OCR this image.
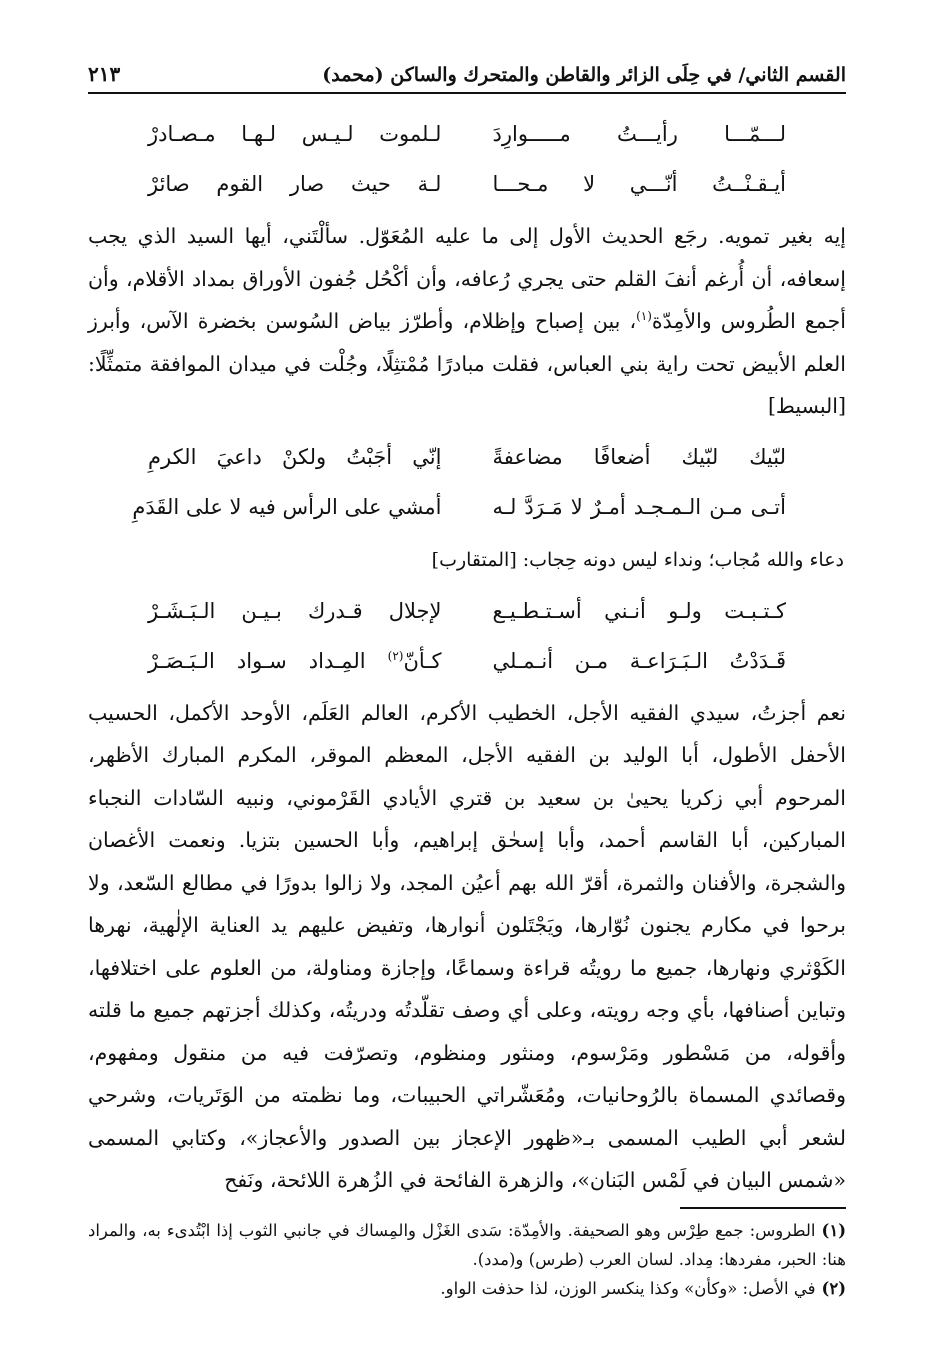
القسم الثاني/ في حِلَى الزائر والقاطن والمتحرك والساكن (محمد)
٢١٣
لـــمّـــا رأيـــتُ مـــــوارِدَ
لـلموت لـيـس لـهـا مـصـادرْ
أيـقـنْــتُ أنّـــي لا مـحـــا
لـة حيث صار القوم صائرْ

إيه بغير تمويه. رجَع الحديث الأول إلى ما عليه المُعَوّل. سألْتَني، أيها السيد الذي يجب إسعافه، أن أُرغم أنفَ القلم حتى يجري رُعافه، وأن أكْحُل جُفون الأوراق بمداد الأقلام، وأن أجمع الطُروس والأمِدّة$^{(١)}$، بين إصباح وإظلام، وأطرّز بياض السُوسن بخضرة الآس، وأبرز العلم الأبيض تحت راية بني العباس، فقلت مبادرًا مُمْتثِلًا، وجُلْت في ميدان الموافقة متمثِّلًا: [البسيط]

لبّيك لبّيك أضعافًا مضاعفةً
إنّي أجَبْتُ ولكنْ داعيَ الكرمِ
أتـى مـن الـمـجـد أمـرٌ لا مَـرَدَّ لـه
أمشي على الرأس فيه لا على القَدَمِ
دعاء والله مُجاب؛ ونداء ليس دونه حِجاب: [المتقارب]
كـتـبـت ولـو أنـني أسـتـطـيـع
لإجلال قـدرك بـيـن الـبَـشَـرْ
قَـدَدْتُ الـبَـرَاعـة مـن أنـمـلي
كـأنّ$^{(٢)}$ المِـداد سـواد الـبَـصَـرْ

نعم أجزتُ، سيدي الفقيه الأجل، الخطيب الأكرم، العالم العَلَم، الأوحد الأكمل، الحسيب الأحفل الأطول، أبا الوليد بن الفقيه الأجل، المعظم الموقر، المكرم المبارك الأظهر، المرحوم أبي زكريا يحيىٰ بن سعيد بن قتري الأيادي القَرْموني، ونبيه السّادات النجباء المباركين، أبا القاسم أحمد، وأبا إسحٰق إبراهيم، وأبا الحسين بتزيا. ونعمت الأغصان والشجرة، والأفنان والثمرة، أقرّ الله بهم أعيُن المجد، ولا زالوا بدورًا في مطالع السّعد، ولا برحوا في مكارم يجنون نُوّارها، ويَجْتَلون أنوارها، وتفيض عليهم يد العناية الإلٰهية، نهرها الكَوْثري ونهارها، جميع ما رويتُه قراءة وسماعًا، وإجازة ومناولة، من العلوم على اختلافها، وتباين أصنافها، بأي وجه رويته، وعلى أي وصف تقلّدتُه ودريتُه، وكذلك أجزتهم جميع ما قلته وأقوله، من مَسْطور ومَرْسوم، ومنثور ومنظوم، وتصرّفت فيه من منقول ومفهوم، وقصائدي المسماة بالرُوحانيات، ومُعَشّراتي الحبيبات، وما نظمته من الوَتَريات، وشرحي لشعر أبي الطيب المسمى بـ«ظهور الإعجاز بين الصدور والأعجاز»، وكتابي المسمى «شمس البيان في لَمْس البَنان»، والزهرة الفائحة في الزُهرة اللائحة، ونَفح

(١)الطروس: جمع طِرْس وهو الصحيفة. والأمِدّة: سَدى الغَزْل والمِساك في جانبي الثوب إذا ابْتُدىء به، والمراد هنا: الحبر، مفردها: مِداد. لسان العرب (طرس) و(مدد).

(٢)في الأصل: «وكأن» وكذا ينكسر الوزن، لذا حذفت الواو.
